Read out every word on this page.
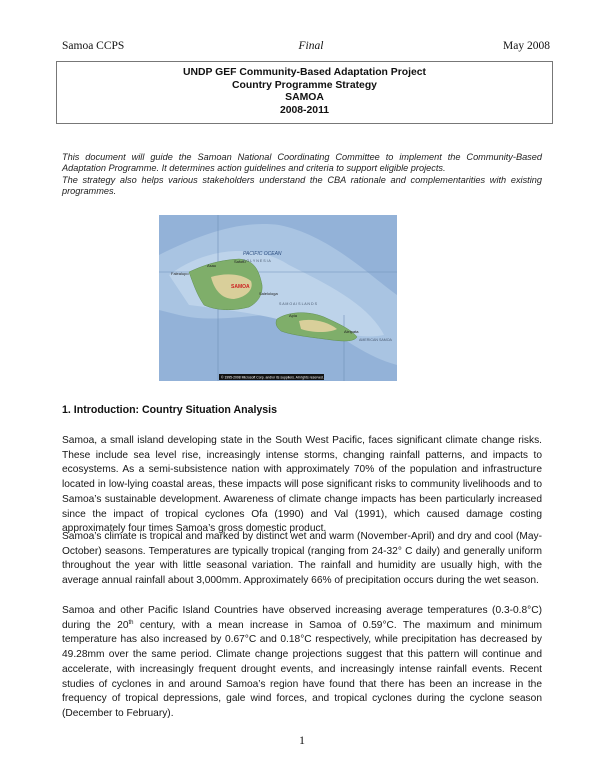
Samoa CCPS	Final	May 2008
UNDP GEF Community-Based Adaptation Project
Country Programme Strategy
SAMOA
2008-2011

This document will guide the Samoan National Coordinating Committee to implement the Community-Based Adaptation Programme. It determines action guidelines and criteria to support eligible projects.

The strategy also helps various stakeholders understand the CBA rationale and complementarities with existing programmes.

Asau
Falealupo
Safotu
Salelologa
Apia
Aleipata
PACIFIC OCEAN
P O L Y N E S I A
SAMOA
S A M O A I S L A N D S
AMERICAN SAMOA
© 1995-2008 Microsoft Corp. and/or its suppliers. All rights reserved.
1. Introduction: Country Situation Analysis

Samoa, a small island developing state in the South West Pacific, faces significant climate change risks. These include sea level rise, increasingly intense storms, changing rainfall patterns, and impacts to ecosystems. As a semi-subsistence nation with approximately 70% of the population and infrastructure located in low-lying coastal areas, these impacts will pose significant risks to community livelihoods and to Samoa’s sustainable development. Awareness of climate change impacts has been particularly increased since the impact of tropical cyclones Ofa (1990) and Val (1991), which caused damage costing approximately four times Samoa’s gross domestic product.

Samoa’s climate is tropical and marked by distinct wet and warm (November-April) and dry and cool (May-October) seasons. Temperatures are typically tropical (ranging from 24-32° C daily) and generally uniform throughout the year with little seasonal variation. The rainfall and humidity are usually high, with the average annual rainfall about 3,000mm. Approximately 66% of precipitation occurs during the wet season.

Samoa and other Pacific Island Countries have observed increasing average temperatures (0.3-0.8°C) during the 20th century, with a mean increase in Samoa of 0.59°C. The maximum and minimum temperature has also increased by 0.67°C and 0.18°C respectively, while precipitation has decreased by 49.28mm over the same period. Climate change projections suggest that this pattern will continue and accelerate, with increasingly frequent drought events, and increasingly intense rainfall events. Recent studies of cyclones in and around Samoa’s region have found that there has been an increase in the frequency of tropical depressions, gale wind forces, and tropical cyclones during the cyclone season (December to February).

1
